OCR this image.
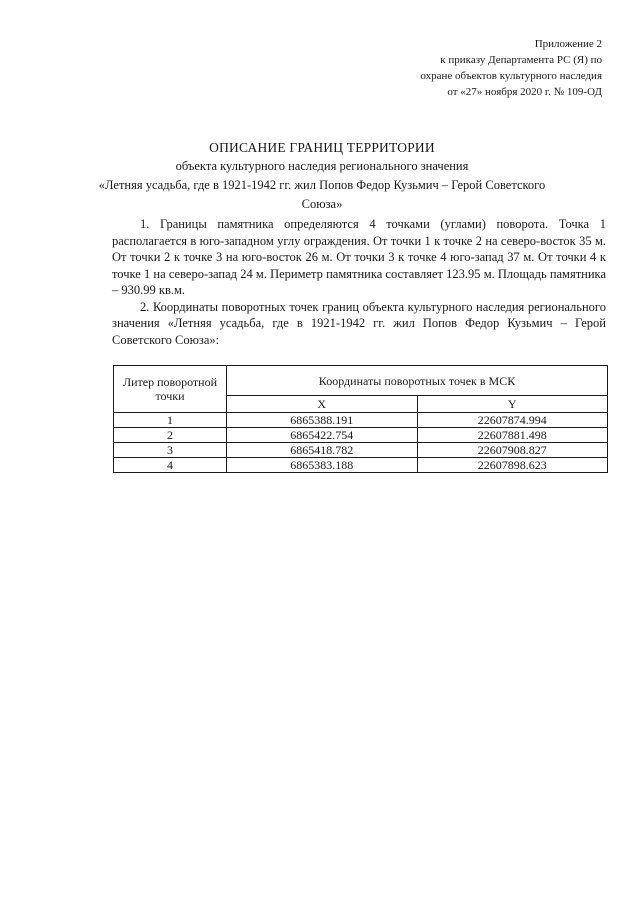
Приложение 2
к приказу Департамента РС (Я) по
охране объектов культурного наследия
от «27» ноября 2020 г. № 109-ОД
ОПИСАНИЕ ГРАНИЦ ТЕРРИТОРИИ
объекта культурного наследия регионального значения
«Летняя усадьба, где в 1921-1942 гг. жил Попов Федор Кузьмич – Герой Советского
Союза»

1. Границы памятника определяются 4 точками (углами) поворота. Точка 1 располагается в юго-западном углу ограждения. От точки 1 к точке 2 на северо-восток 35 м. От точки 2 к точке 3 на юго-восток 26 м. От точки 3 к точке 4 юго-запад 37 м. От точки 4 к точке 1 на северо-запад 24 м. Периметр памятника составляет 123.95 м. Площадь памятника – 930.99 кв.м.

2. Координаты поворотных точек границ объекта культурного наследия регионального значения «Летняя усадьба, где в 1921-1942 гг. жил Попов Федор Кузьмич – Герой Советского Союза»:

Литер поворотной точки	Координаты поворотных точек в МСК	
	X	Y
1	6865388.191	22607874.994
2	6865422.754	22607881.498
3	6865418.782	22607908.827
4	6865383.188	22607898.623
